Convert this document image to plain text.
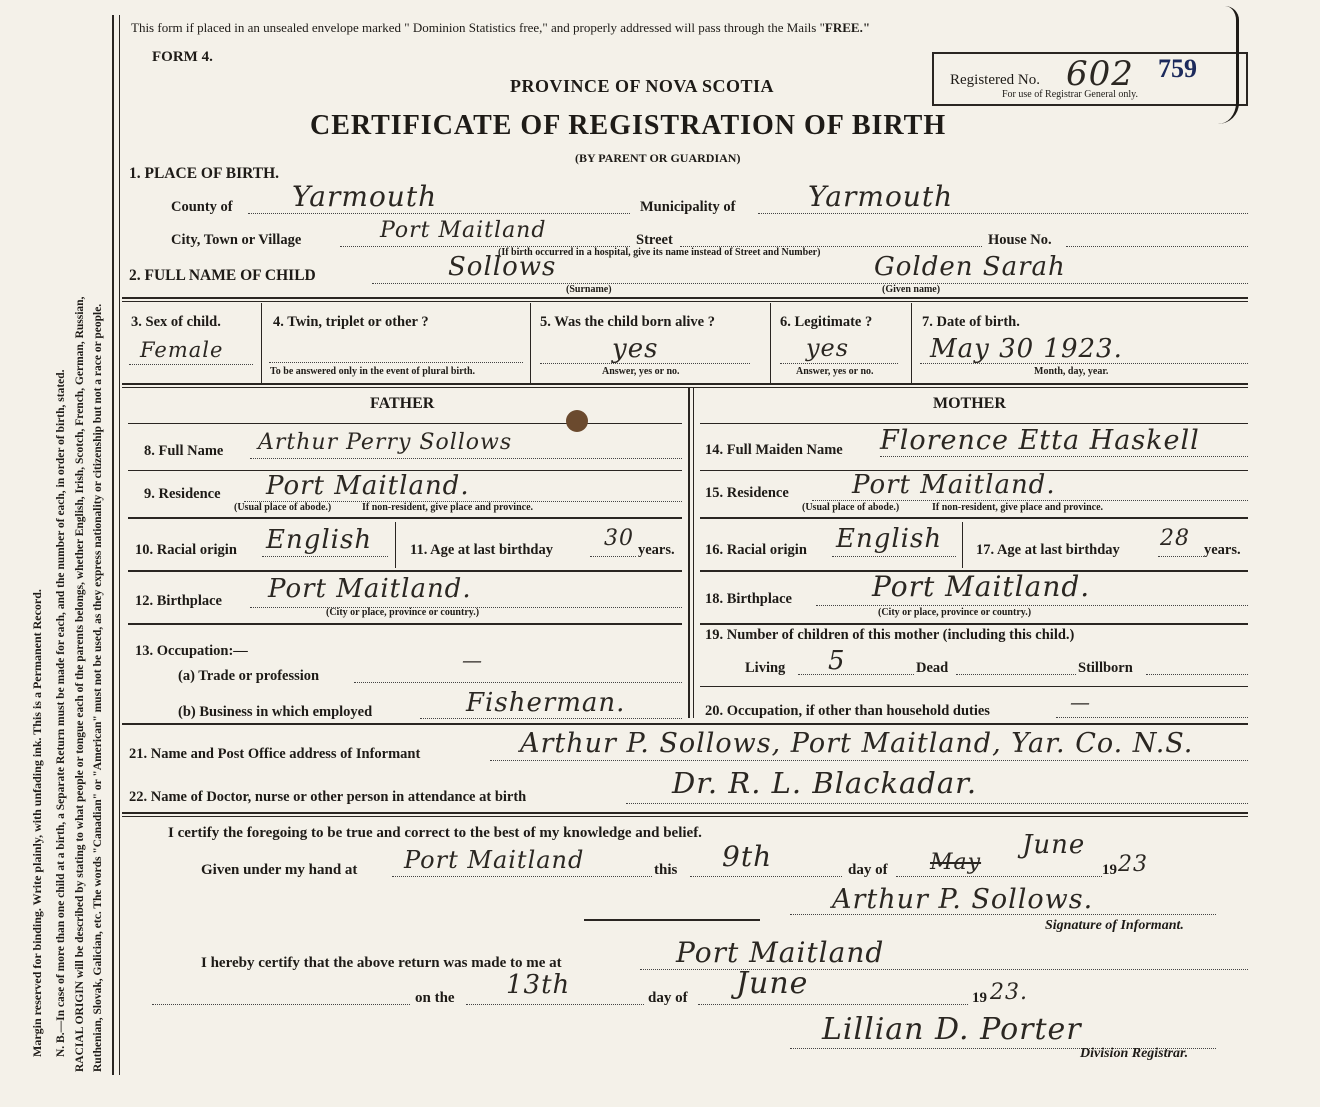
Margin reserved for binding. Write plainly, with unfading ink. This is a Permanent Record. N. B.—In case of more than one child at a birth, a Separate Return must be made for each, and the number of each, in order of birth, stated. RACIAL ORIGIN will be described by stating to what people or tongue each of the parents belongs, whether English, Irish, Scotch, French, German, Russian, Ruthenian, Slovak, Galician, etc. The words "Canadian" or "American" must not be used, as they express nationality or citizenship but not a race or people.
This form if placed in an unsealed envelope marked " Dominion Statistics free," and properly addressed will pass through the Mails "FREE."
FORM 4.
PROVINCE OF NOVA SCOTIA
CERTIFICATE OF REGISTRATION OF BIRTH
(BY PARENT OR GUARDIAN)
Registered No. 602 759
For use of Registrar General only.
1. PLACE OF BIRTH.
County of Yarmouth	Municipality of	Yarmouth
City, Town or Village	Port Maitland	Street	House No.
(If birth occurred in a hospital, give its name instead of Street and Number)
2. FULL NAME OF CHILD	Sollows
(Surname)
Golden Sarah
(Given name)
3. Sex of child.
Female
4. Twin, triplet or other ?
To be answered only in the event of plural birth.
5. Was the child born alive ?
yes
Answer, yes or no.
6. Legitimate ?
yes
Answer, yes or no.
7. Date of birth.
May 30 1923.
Month, day, year.
FATHER	MOTHER
8. Full Name Arthur Perry Sollows
9. Residence Port Maitland.
(Usual place of abode.)	If non-resident, give place and province.
10. Racial origin English	11. Age at last birthday 30 years.
12. Birthplace Port Maitland.
(City or place, province or country.)
13. Occupation:—
(a) Trade or profession
—
(b) Business in which employed	Fisherman.
14. Full Maiden Name Florence Etta Haskell
15. Residence Port Maitland.
(Usual place of abode.)	If non-resident, give place and province.
16. Racial origin English 17. Age at last birthday 28 years.
18. Birthplace	Port Maitland.
(City or place, province or country.)
19. Number of children of this mother (including this child.)
Living 5	Dead	Stillborn
20. Occupation, if other than household duties	—
21. Name and Post Office address of Informant	Arthur P. Sollows, Port Maitland, Yar. Co. N.S.
22. Name of Doctor, nurse or other person in attendance at birth	Dr. R. L. Blackadar.
I certify the foregoing to be true and correct to the best of my knowledge and belief.
Given under my hand at Port Maitland	this 9th	day of May
June
19 23
Arthur P. Sollows.
Signature of Informant.
I hereby certify that the above return was made to me at	Port Maitland
on the 13th	day of June	19 23.
Lillian D. Porter
Division Registrar.
